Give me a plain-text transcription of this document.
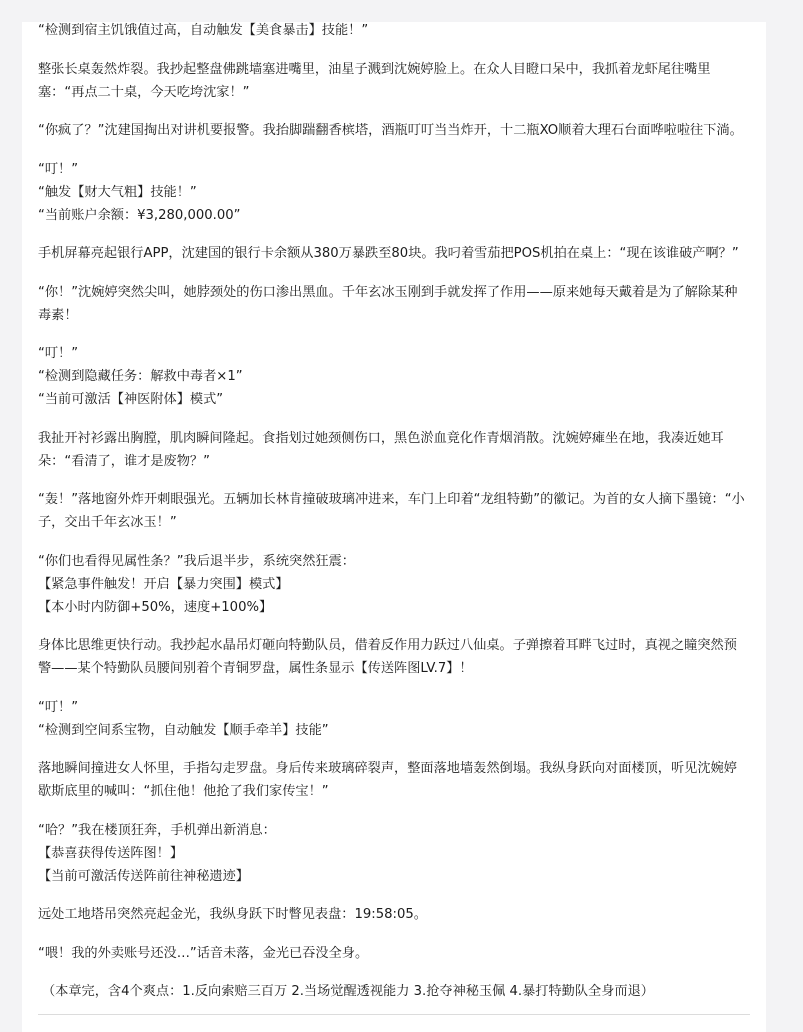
“检测到宿主饥饿值过高，自动触发【美食暴击】技能！”

整张长桌轰然炸裂。我抄起整盘佛跳墙塞进嘴里，油星子溅到沈婉婷脸上。在众人目瞪口呆中，我抓着龙虾尾往嘴里塞：“再点二十桌，今天吃垮沈家！”

“你疯了？”沈建国掏出对讲机要报警。我抬脚踹翻香槟塔，酒瓶叮叮当当炸开，十二瓶XO顺着大理石台面哗啦啦往下淌。

“叮！”
“触发【财大气粗】技能！”
“当前账户余额：¥3,280,000.00”

手机屏幕亮起银行APP，沈建国的银行卡余额从380万暴跌至80块。我叼着雪茄把POS机拍在桌上：“现在该谁破产啊？”

“你！”沈婉婷突然尖叫，她脖颈处的伤口渗出黑血。千年玄冰玉刚到手就发挥了作用——原来她每天戴着是为了解除某种毒素！

“叮！”
“检测到隐藏任务：解救中毒者×1”
“当前可激活【神医附体】模式”

我扯开衬衫露出胸膛，肌肉瞬间隆起。食指划过她颈侧伤口，黑色淤血竟化作青烟消散。沈婉婷瘫坐在地，我凑近她耳朵：“看清了，谁才是废物？”

“轰！”落地窗外炸开刺眼强光。五辆加长林肯撞破玻璃冲进来，车门上印着“龙组特勤”的徽记。为首的女人摘下墨镜：“小子，交出千年玄冰玉！”

“你们也看得见属性条？”我后退半步，系统突然狂震：
【紧急事件触发！开启【暴力突围】模式】
【本小时内防御+50%，速度+100%】

身体比思维更快行动。我抄起水晶吊灯砸向特勤队员，借着反作用力跃过八仙桌。子弹擦着耳畔飞过时，真视之瞳突然预警——某个特勤队员腰间别着个青铜罗盘，属性条显示【传送阵图LV.7】！

“叮！”
“检测到空间系宝物，自动触发【顺手牵羊】技能”

落地瞬间撞进女人怀里，手指勾走罗盘。身后传来玻璃碎裂声，整面落地墙轰然倒塌。我纵身跃向对面楼顶，听见沈婉婷歇斯底里的喊叫：“抓住他！他抢了我们家传宝！”

“哈？”我在楼顶狂奔，手机弹出新消息：
【恭喜获得传送阵图！】
【当前可激活传送阵前往神秘遗迹】

远处工地塔吊突然亮起金光，我纵身跃下时瞥见表盘：19:58:05。

“喂！我的外卖账号还没…”话音未落，金光已吞没全身。

（本章完，含4个爽点：1.反向索赔三百万 2.当场觉醒透视能力 3.抢夺神秘玉佩 4.暴打特勤队全身而退）
